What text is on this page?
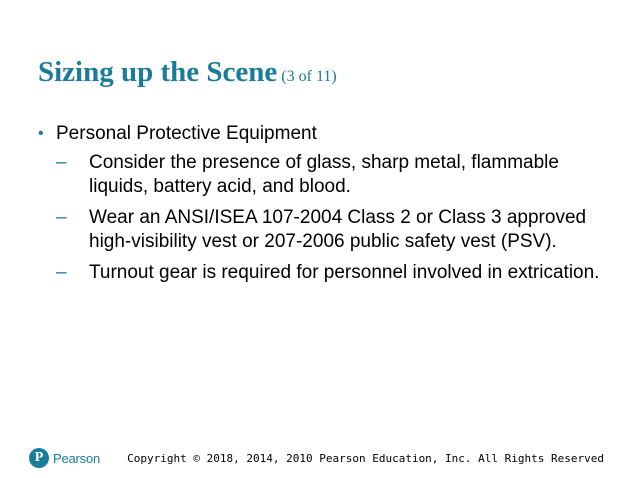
Sizing up the Scene (3 of 11)
• Personal Protective Equipment
– Consider the presence of glass, sharp metal, flammable liquids, battery acid, and blood.
– Wear an ANSI/ISEA 107-2004 Class 2 or Class 3 approved high-visibility vest or 207-2006 public safety vest (PSV).
– Turnout gear is required for personnel involved in extrication.
P Pearson Copyright © 2018, 2014, 2010 Pearson Education, Inc. All Rights Reserved
